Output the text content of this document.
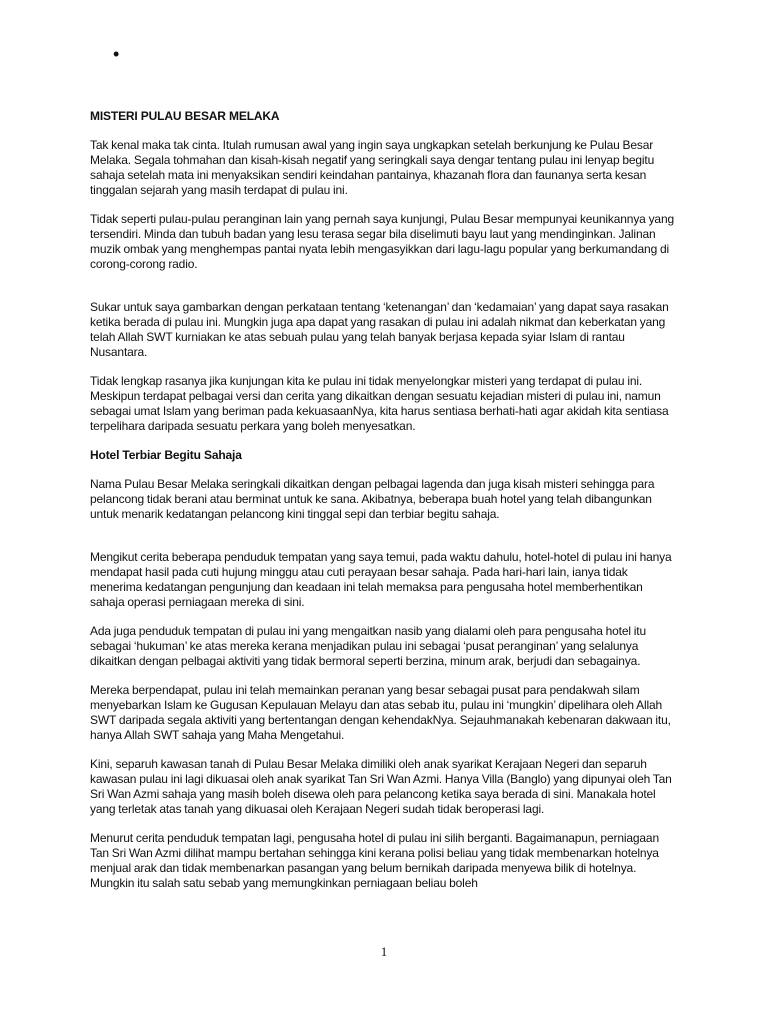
•

MISTERI PULAU BESAR MELAKA

Tak kenal maka tak cinta. Itulah rumusan awal yang ingin saya ungkapkan setelah berkunjung ke Pulau Besar Melaka. Segala tohmahan dan kisah-kisah negatif yang seringkali saya dengar tentang pulau ini lenyap begitu sahaja setelah mata ini menyaksikan sendiri keindahan pantainya, khazanah flora dan faunanya serta kesan tinggalan sejarah yang masih terdapat di pulau ini.

Tidak seperti pulau-pulau peranginan lain yang pernah saya kunjungi, Pulau Besar mempunyai keunikannya yang tersendiri. Minda dan tubuh badan yang lesu terasa segar bila diselimuti bayu laut yang mendinginkan. Jalinan muzik ombak yang menghempas pantai nyata lebih mengasyikkan dari lagu-lagu popular yang berkumandang di corong-corong radio.

Sukar untuk saya gambarkan dengan perkataan tentang ‘ketenangan’ dan ‘kedamaian’ yang dapat saya rasakan ketika berada di pulau ini. Mungkin juga apa dapat yang rasakan di pulau ini adalah nikmat dan keberkatan yang telah Allah SWT kurniakan ke atas sebuah pulau yang telah banyak berjasa kepada syiar Islam di rantau Nusantara.

Tidak lengkap rasanya jika kunjungan kita ke pulau ini tidak menyelongkar misteri yang terdapat di pulau ini. Meskipun terdapat pelbagai versi dan cerita yang dikaitkan dengan sesuatu kejadian misteri di pulau ini, namun sebagai umat Islam yang beriman pada kekuasaanNya, kita harus sentiasa berhati-hati agar akidah kita sentiasa terpelihara daripada sesuatu perkara yang boleh menyesatkan.

Hotel Terbiar Begitu Sahaja

Nama Pulau Besar Melaka seringkali dikaitkan dengan pelbagai lagenda dan juga kisah misteri sehingga para pelancong tidak berani atau berminat untuk ke sana. Akibatnya, beberapa buah hotel yang telah dibangunkan untuk menarik kedatangan pelancong kini tinggal sepi dan terbiar begitu sahaja.

Mengikut cerita beberapa penduduk tempatan yang saya temui, pada waktu dahulu, hotel-hotel di pulau ini hanya mendapat hasil pada cuti hujung minggu atau cuti perayaan besar sahaja. Pada hari-hari lain, ianya tidak menerima kedatangan pengunjung dan keadaan ini telah memaksa para pengusaha hotel memberhentikan sahaja operasi perniagaan mereka di sini.

Ada juga penduduk tempatan di pulau ini yang mengaitkan nasib yang dialami oleh para pengusaha hotel itu sebagai ‘hukuman’ ke atas mereka kerana menjadikan pulau ini sebagai ‘pusat peranginan’ yang selalunya dikaitkan dengan pelbagai aktiviti yang tidak bermoral seperti berzina, minum arak, berjudi dan sebagainya.

Mereka berpendapat, pulau ini telah memainkan peranan yang besar sebagai pusat para pendakwah silam menyebarkan Islam ke Gugusan Kepulauan Melayu dan atas sebab itu, pulau ini ‘mungkin’ dipelihara oleh Allah SWT daripada segala aktiviti yang bertentangan dengan kehendakNya. Sejauhmanakah kebenaran dakwaan itu, hanya Allah SWT sahaja yang Maha Mengetahui.

Kini, separuh kawasan tanah di Pulau Besar Melaka dimiliki oleh anak syarikat Kerajaan Negeri dan separuh kawasan pulau ini lagi dikuasai oleh anak syarikat Tan Sri Wan Azmi. Hanya Villa (Banglo) yang dipunyai oleh Tan Sri Wan Azmi sahaja yang masih boleh disewa oleh para pelancong ketika saya berada di sini. Manakala hotel yang terletak atas tanah yang dikuasai oleh Kerajaan Negeri sudah tidak beroperasi lagi.

Menurut cerita penduduk tempatan lagi, pengusaha hotel di pulau ini silih berganti. Bagaimanapun, perniagaan Tan Sri Wan Azmi dilihat mampu bertahan sehingga kini kerana polisi beliau yang tidak membenarkan hotelnya menjual arak dan tidak membenarkan pasangan yang belum bernikah daripada menyewa bilik di hotelnya. Mungkin itu salah satu sebab yang memungkinkan perniagaan beliau boleh

1
